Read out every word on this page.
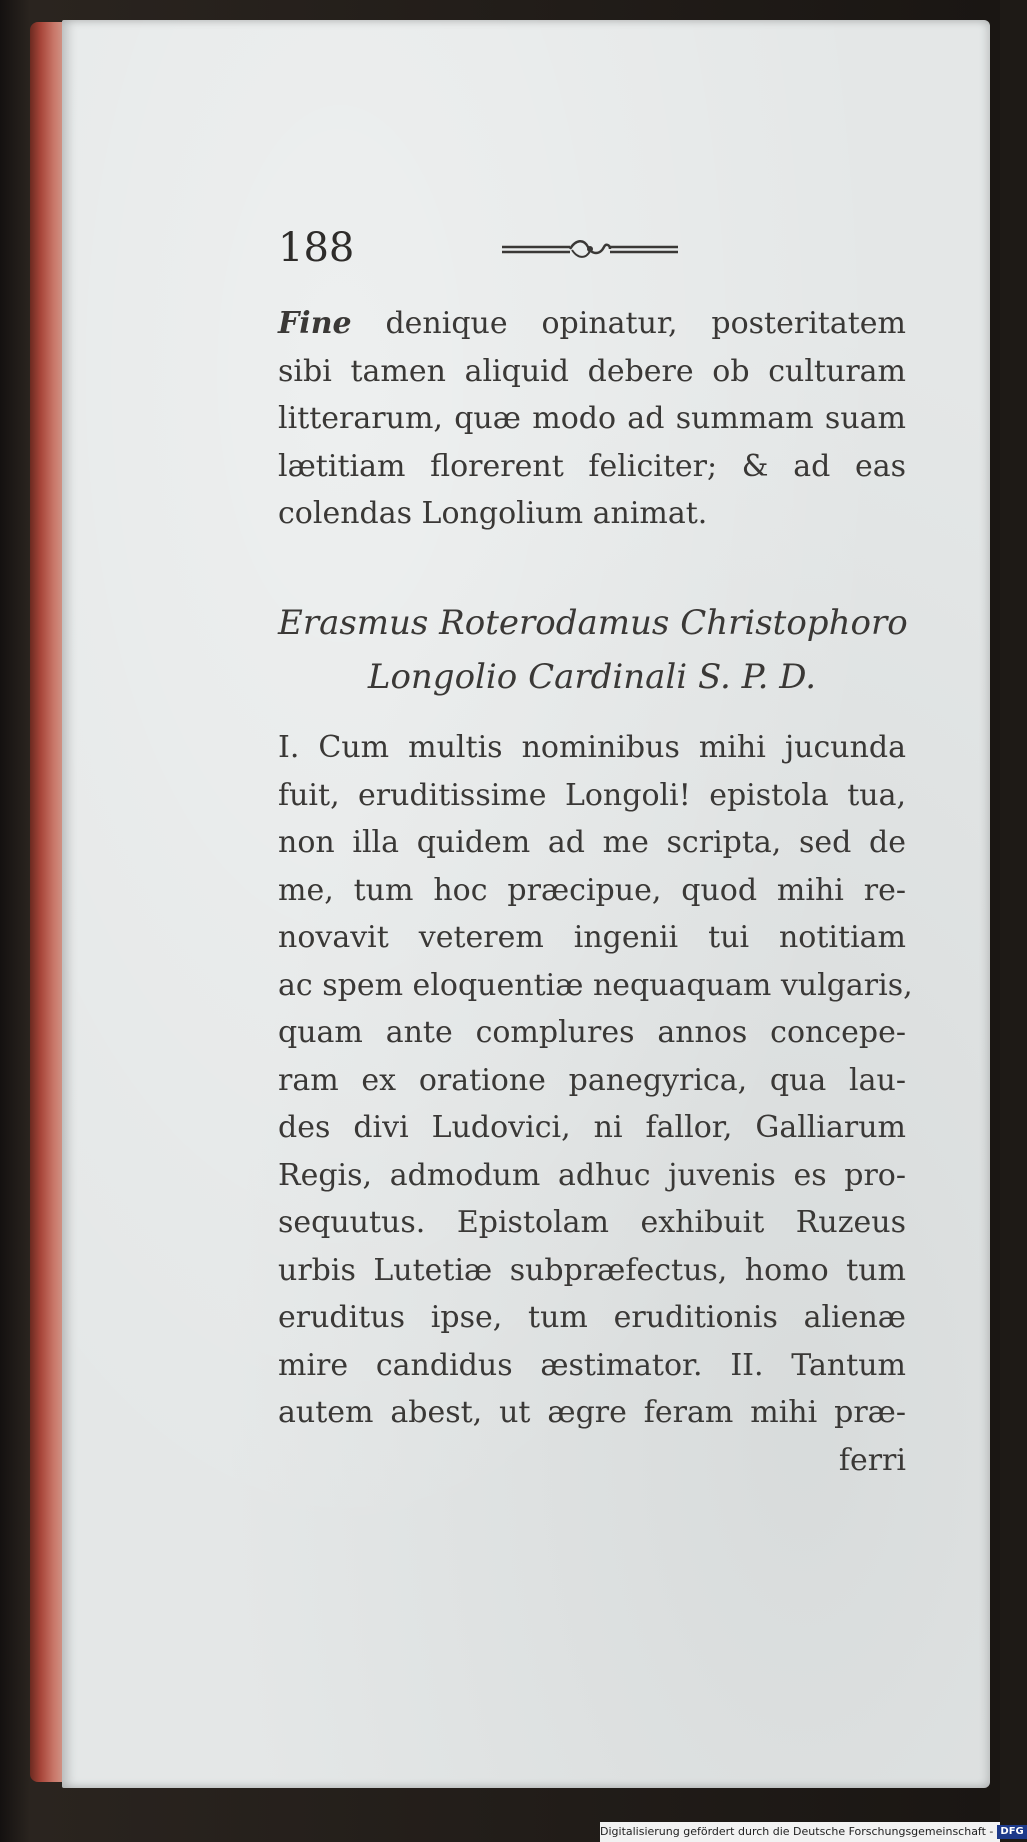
188

Fine denique opinatur, posteritatem
sibi tamen aliquid debere ob culturam
litterarum, quæ modo ad summam suam
lætitiam florerent feliciter; & ad eas
colendas Longolium animat.

Erasmus Roterodamus Christophoro
Longolio Cardinali S. P. D.

I. Cum multis nominibus mihi jucunda
fuit, eruditissime Longoli! epistola tua,
non illa quidem ad me scripta, sed de
me, tum hoc præcipue, quod mihi re-
novavit veterem ingenii tui notitiam
ac spem eloquentiæ nequaquam vulgaris,
quam ante complures annos concepe-
ram ex oratione panegyrica, qua lau-
des divi Ludovici, ni fallor, Galliarum
Regis, admodum adhuc juvenis es pro-
sequutus. Epistolam exhibuit Ruzeus
urbis Lutetiæ subpræfectus, homo tum
eruditus ipse, tum eruditionis alienæ
mire candidus æstimator. II. Tantum
autem abest, ut ægre feram mihi præ-
ferri

Digitalisierung gefördert durch die Deutsche Forschungsgemeinschaft - DFG
